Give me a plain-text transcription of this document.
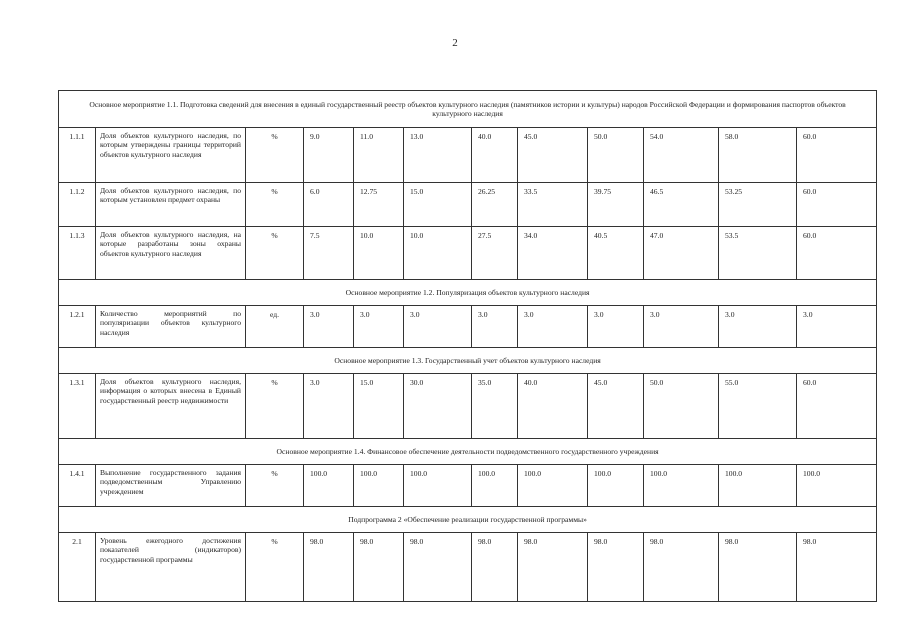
2
Основное мероприятие 1.1. Подготовка сведений для внесения в единый государственный реестр объектов культурного наследия (памятников истории и культуры) народов Российской Федерации и формирования паспортов объектов культурного наследия											
1.1.1	Доля объектов культурного наследия, по которым утверждены границы территорий объектов культурного наследия	%	9.0	11.0	13.0	40.0	45.0	50.0	54.0	58.0	60.0
1.1.2	Доля объектов культурного наследия, по которым установлен предмет охраны	%	6.0	12.75	15.0	26.25	33.5	39.75	46.5	53.25	60.0
1.1.3	Доля объектов культурного наследия, на которые разработаны зоны охраны объектов культурного наследия	%	7.5	10.0	10.0	27.5	34.0	40.5	47.0	53.5	60.0
Основное мероприятие 1.2. Популяризация объектов культурного наследия											
1.2.1	Количество мероприятий по популяризации объектов культурного наследия	ед.	3.0	3.0	3.0	3.0	3.0	3.0	3.0	3.0	3.0
Основное мероприятие 1.3. Государственный учет объектов культурного наследия											
1.3.1	Доля объектов культурного наследия, информация о которых внесена в Единый государственный реестр недвижимости	%	3.0	15.0	30.0	35.0	40.0	45.0	50.0	55.0	60.0
Основное мероприятие 1.4. Финансовое обеспечение деятельности подведомственного государственного учреждения											
1.4.1	Выполнение государственного задания подведомственным Управлению учреждением	%	100.0	100.0	100.0	100.0	100.0	100.0	100.0	100.0	100.0
Подпрограмма 2 «Обеспечение реализации государственной программы»											
2.1	Уровень ежегодного достижения показателей (индикаторов) государственной программы	%	98.0	98.0	98.0	98.0	98.0	98.0	98.0	98.0	98.0
